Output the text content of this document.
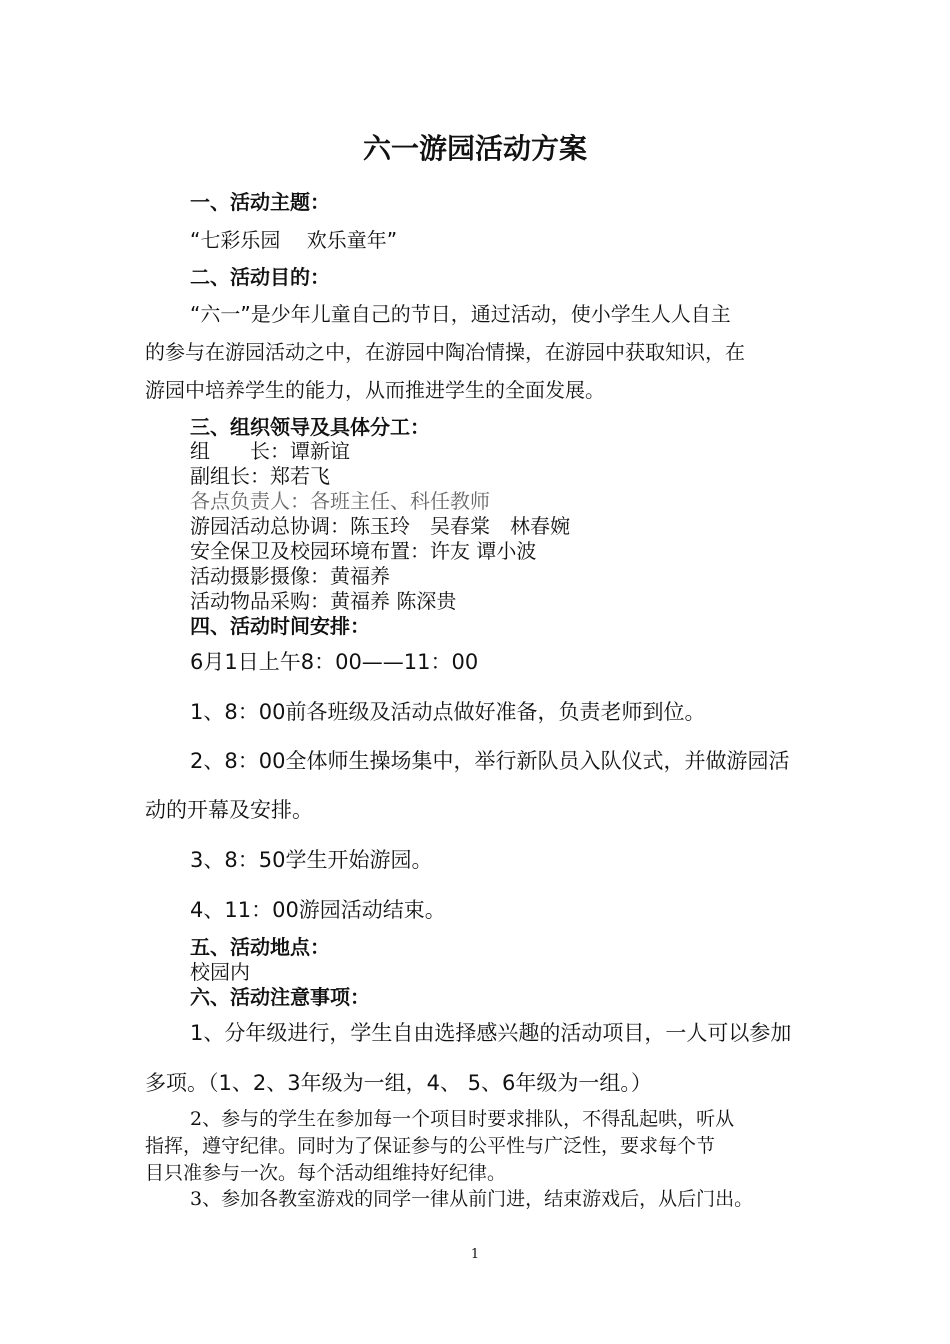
六一游园活动方案
一、活动主题：
“七彩乐园　 欢乐童年”
二、活动目的：
“六一”是少年儿童自己的节日，通过活动，使小学生人人自主
的参与在游园活动之中，在游园中陶冶情操，在游园中获取知识，在
游园中培养学生的能力，从而推进学生的全面发展。
三、组织领导及具体分工：
组　　长：谭新谊
副组长：郑若飞
各点负责人：各班主任、科任教师
游园活动总协调：陈玉玲　吴春棠　林春婉
安全保卫及校园环境布置：许友 谭小波
活动摄影摄像：黄福养
活动物品采购：黄福养 陈深贵
四、活动时间安排：
6月1日上午8：00——11：00
1、8：00前各班级及活动点做好准备，负责老师到位。
2、8：00全体师生操场集中，举行新队员入队仪式，并做游园活
动的开幕及安排。
3、8：50学生开始游园。
4、11：00游园活动结束。
五、活动地点：
校园内
六、活动注意事项：
1、分年级进行，学生自由选择感兴趣的活动项目，一人可以参加
多项。（1、2、3年级为一组，4、 5、6年级为一组。）
2、参与的学生在参加每一个项目时要求排队，不得乱起哄，听从
指挥，遵守纪律。同时为了保证参与的公平性与广泛性，要求每个节
目只准参与一次。每个活动组维持好纪律。
3、参加各教室游戏的同学一律从前门进，结束游戏后，从后门出。
1
